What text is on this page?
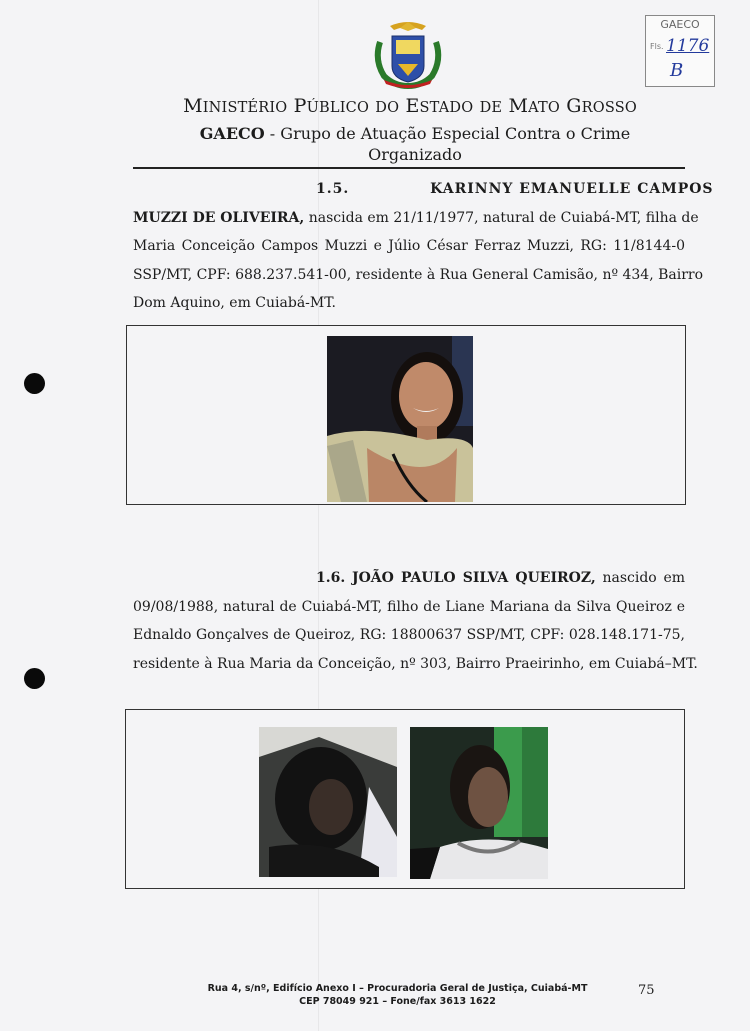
GAECO
Fls. 1176
B
MINISTÉRIO PÚBLICO DO ESTADO DE MATO GROSSO
GAECO - Grupo de Atuação Especial Contra o Crime
Organizado
1.5.	KARINNY EMANUELLE CAMPOS
MUZZI DE OLIVEIRA, nascida em 21/11/1977, natural de Cuiabá-MT, filha de
Maria Conceição Campos Muzzi e Júlio César Ferraz Muzzi, RG: 11/8144-0
SSP/MT, CPF: 688.237.541-00, residente à Rua General Camisão, nº 434, Bairro
Dom Aquino, em Cuiabá-MT.
1.6. JOÃO PAULO SILVA QUEIROZ, nascido em
09/08/1988, natural de Cuiabá-MT, filho de Liane Mariana da Silva Queiroz e
Ednaldo Gonçalves de Queiroz, RG: 18800637 SSP/MT, CPF: 028.148.171-75,
residente à Rua Maria da Conceição, nº 303, Bairro Praeirinho, em Cuiabá–MT.
Rua 4, s/nº, Edifício Anexo I – Procuradoria Geral de Justiça, Cuiabá-MT
CEP 78049 921 – Fone/fax 3613 1622
75
